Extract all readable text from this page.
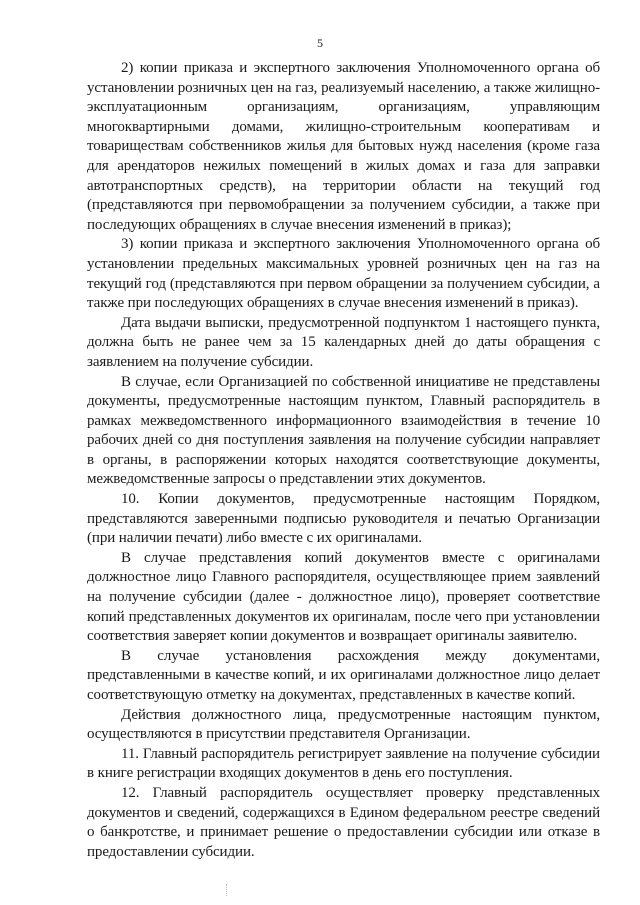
5

2) копии приказа и экспертного заключения Уполномоченного органа об установлении розничных цен на газ, реализуемый населению, а также жилищно-эксплуатационным организациям, организациям, управляющим многоквартирными домами, жилищно-строительным кооперативам и товариществам собственников жилья для бытовых нужд населения (кроме газа для арендаторов нежилых помещений в жилых домах и газа для заправки автотранспортных средств), на территории области на текущий год (представляются при первомобращении за получением субсидии, а также при последующих обращениях в случае внесения изменений в приказ);

3) копии приказа и экспертного заключения Уполномоченного органа об установлении предельных максимальных уровней розничных цен на газ на текущий год (представляются при первом обращении за получением субсидии, а также при последующих обращениях в случае внесения изменений в приказ).

Дата выдачи выписки, предусмотренной подпунктом 1 настоящего пункта, должна быть не ранее чем за 15 календарных дней до даты обращения с заявлением на получение субсидии.

В случае, если Организацией по собственной инициативе не представлены документы, предусмотренные настоящим пунктом, Главный распорядитель в рамках межведомственного информационного взаимодействия в течение 10 рабочих дней со дня поступления заявления на получение субсидии направляет в органы, в распоряжении которых находятся соответствующие документы, межведомственные запросы о представлении этих документов.

10. Копии документов, предусмотренные настоящим Порядком, представляются заверенными подписью руководителя и печатью Организации (при наличии печати) либо вместе с их оригиналами.

В случае представления копий документов вместе с оригиналами должностное лицо Главного распорядителя, осуществляющее прием заявлений на получение субсидии (далее - должностное лицо), проверяет соответствие копий представленных документов их оригиналам, после чего при установлении соответствия заверяет копии документов и возвращает оригиналы заявителю.

В случае установления расхождения между документами, представленными в качестве копий, и их оригиналами должностное лицо делает соответствующую отметку на документах, представленных в качестве копий.

Действия должностного лица, предусмотренные настоящим пунктом, осуществляются в присутствии представителя Организации.

11. Главный распорядитель регистрирует заявление на получение субсидии в книге регистрации входящих документов в день его поступления.

12. Главный распорядитель осуществляет проверку представленных документов и сведений, содержащихся в Едином федеральном реестре сведений о банкротстве, и принимает решение о предоставлении субсидии или отказе в предоставлении субсидии.
